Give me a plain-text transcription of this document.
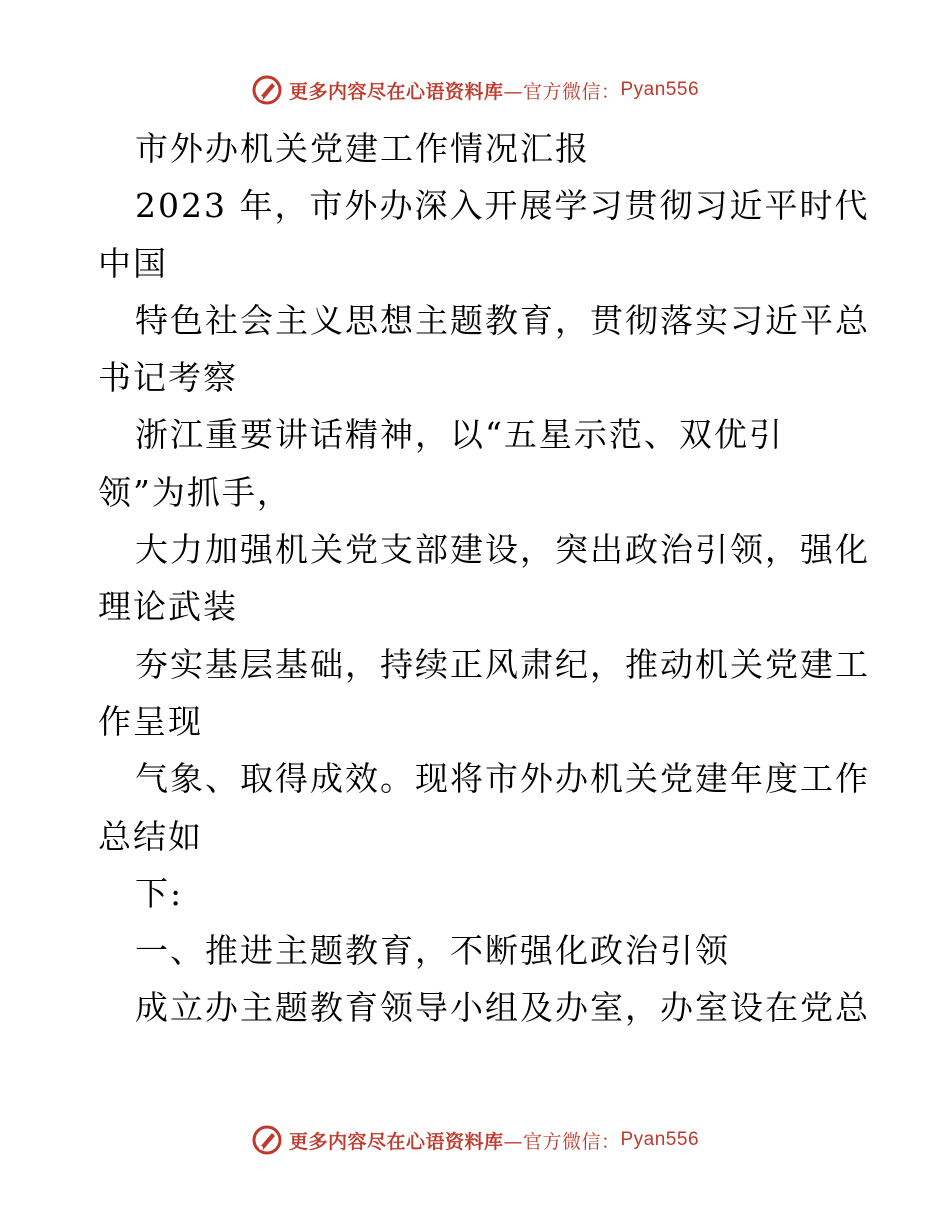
更多内容尽在心语资料库 —官方微信： Pyan556
市外办机关党建工作情况汇报
2023 年，市外办深入开展学习贯彻习近平时代
中国
特色社会主义思想主题教育，贯彻落实习近平总
书记考察
浙江重要讲话精神，以“五星示范、双优引
领”为抓手，
大力加强机关党支部建设，突出政治引领，强化
理论武装
夯实基层基础，持续正风肃纪，推动机关党建工
作呈现
气象、取得成效。现将市外办机关党建年度工作
总结如
下:
一、推进主题教育，不断强化政治引领
成立办主题教育领导小组及办室，办室设在党总
更多内容尽在心语资料库 —官方微信： Pyan556
